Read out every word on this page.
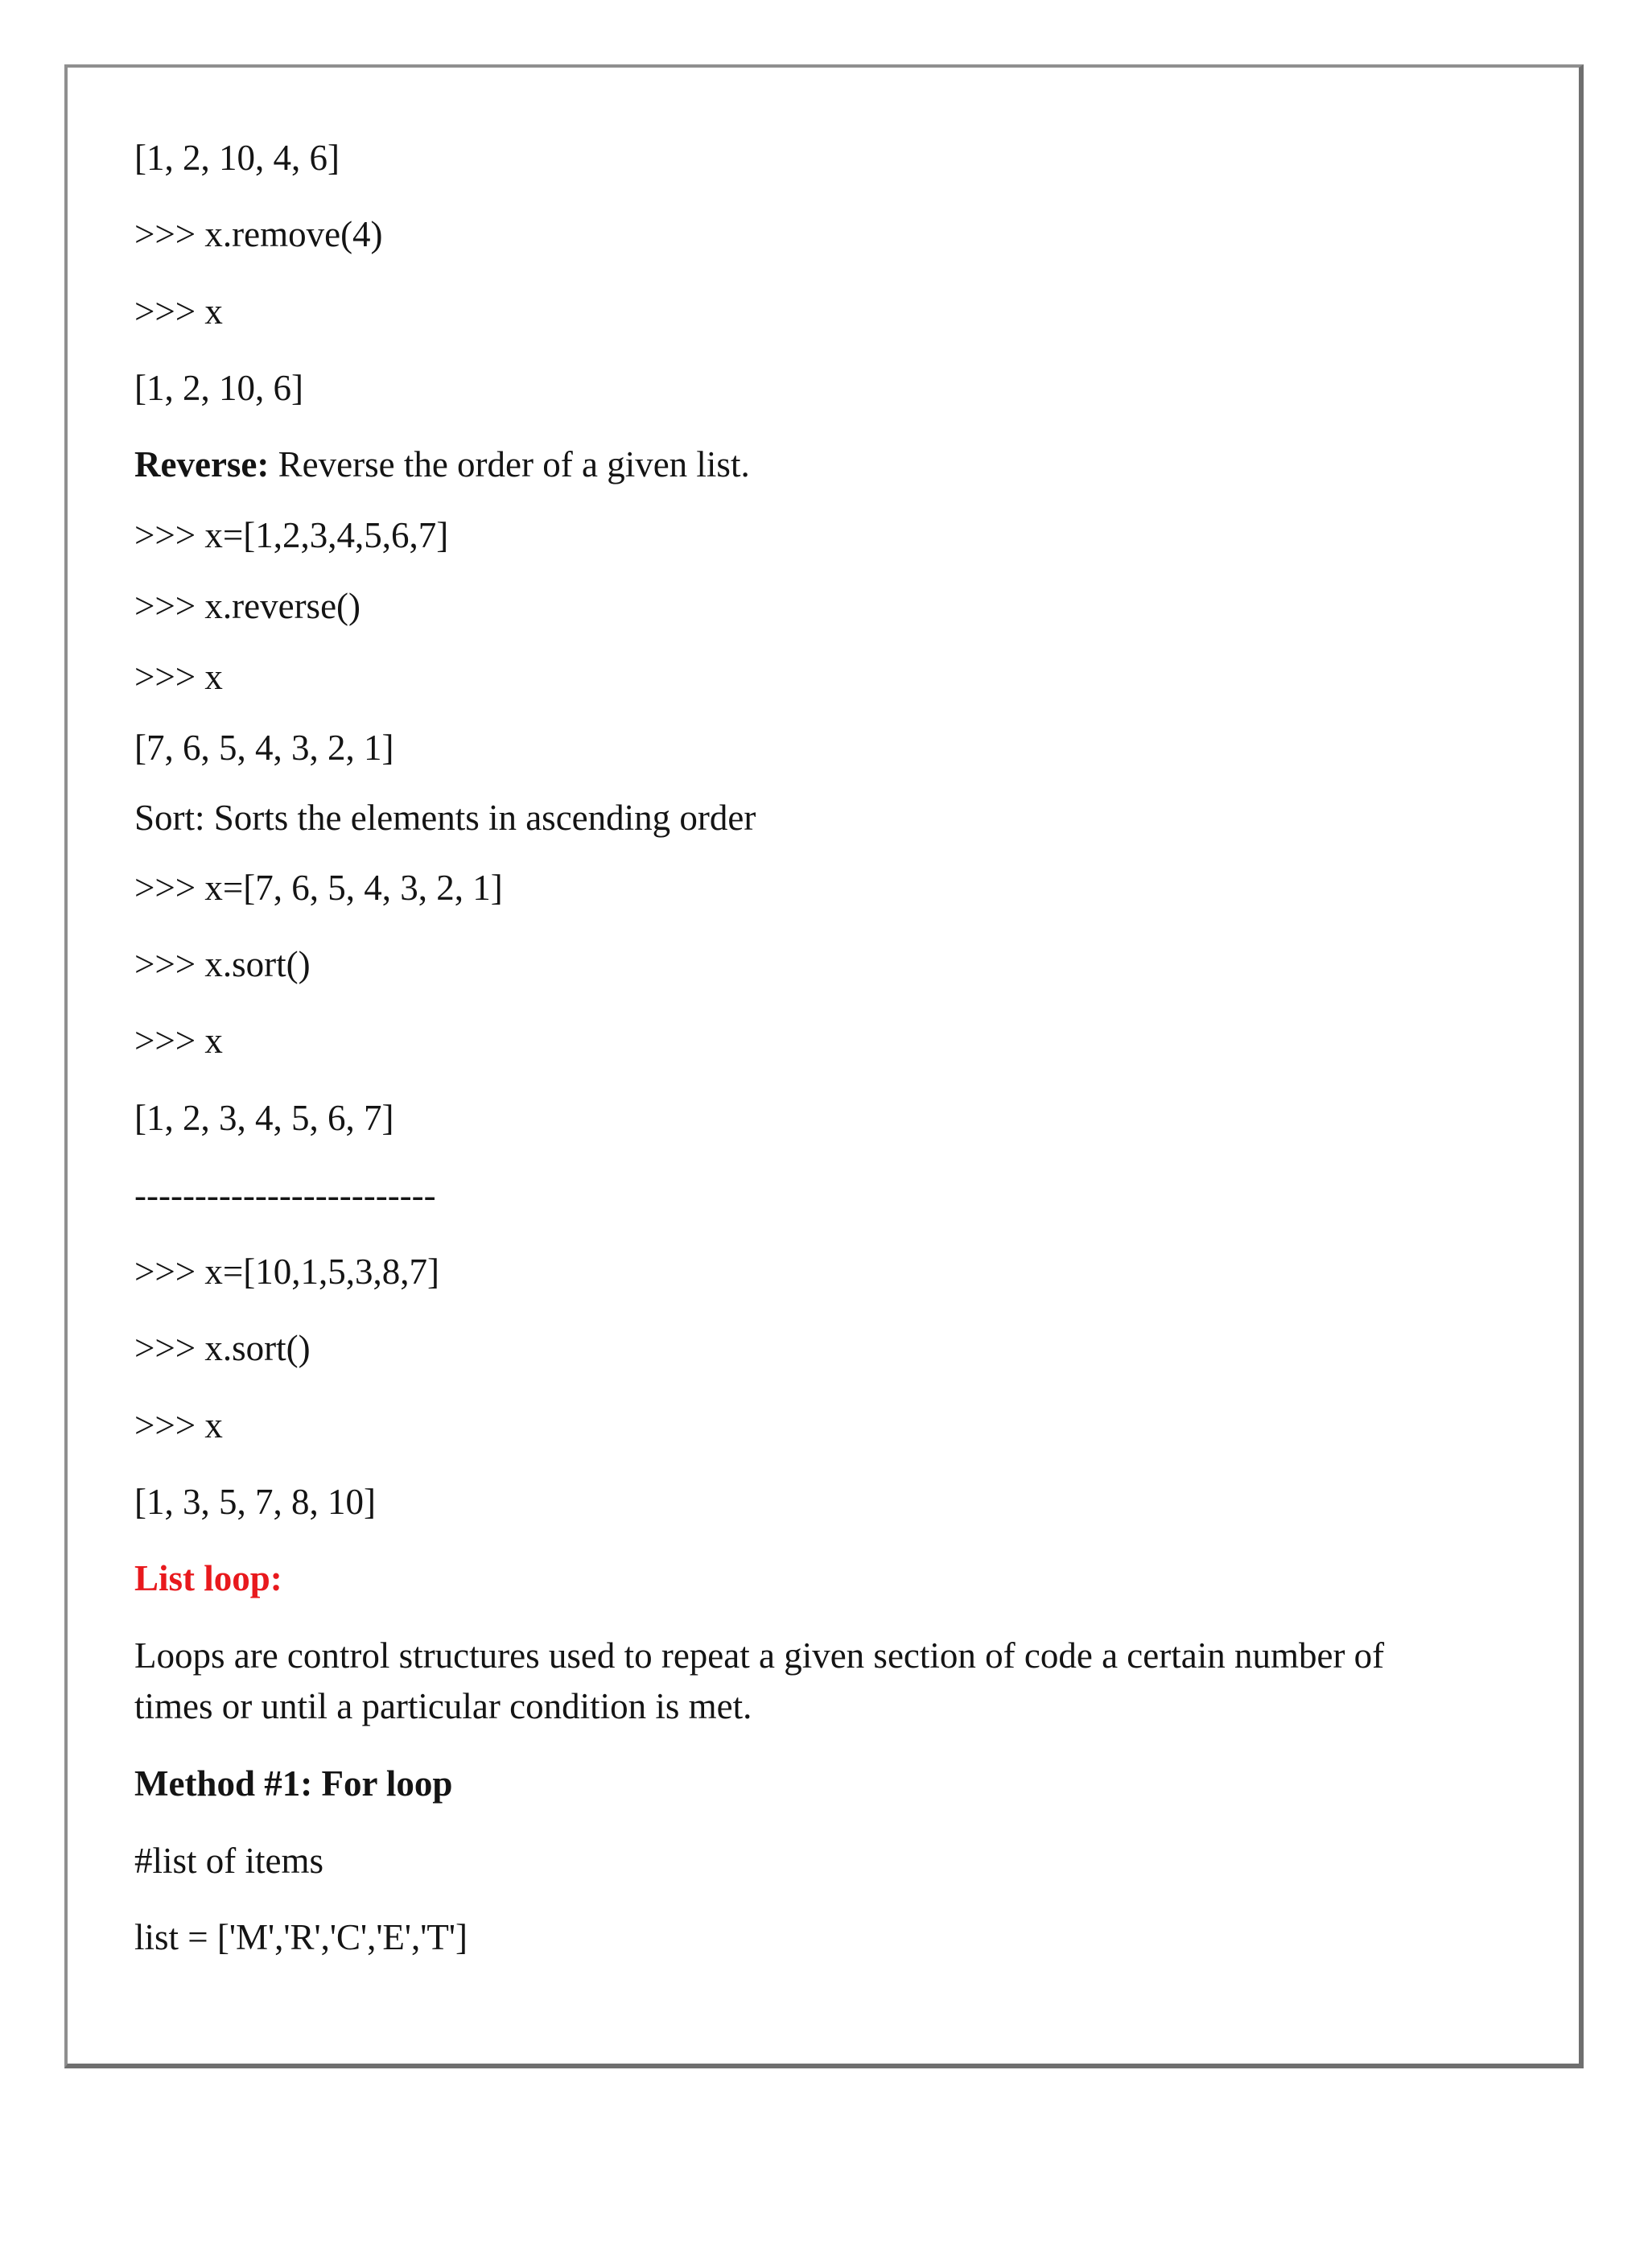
[1, 2, 10, 4, 6]

>>> x.remove(4)

>>> x

[1, 2, 10, 6]

Reverse: Reverse the order of a given list.

>>> x=[1,2,3,4,5,6,7]

>>> x.reverse()

>>> x

[7, 6, 5, 4, 3, 2, 1]

Sort: Sorts the elements in ascending order

>>> x=[7, 6, 5, 4, 3, 2, 1]

>>> x.sort()

>>> x

[1, 2, 3, 4, 5, 6, 7]

-------------------------

>>> x=[10,1,5,3,8,7]

>>> x.sort()

>>> x

[1, 3, 5, 7, 8, 10]

List loop:

Loops are control structures used to repeat a given section of code a certain number of
times or until a particular condition is met.

Method #1: For loop

#list of items

list = ['M','R','C','E','T']
